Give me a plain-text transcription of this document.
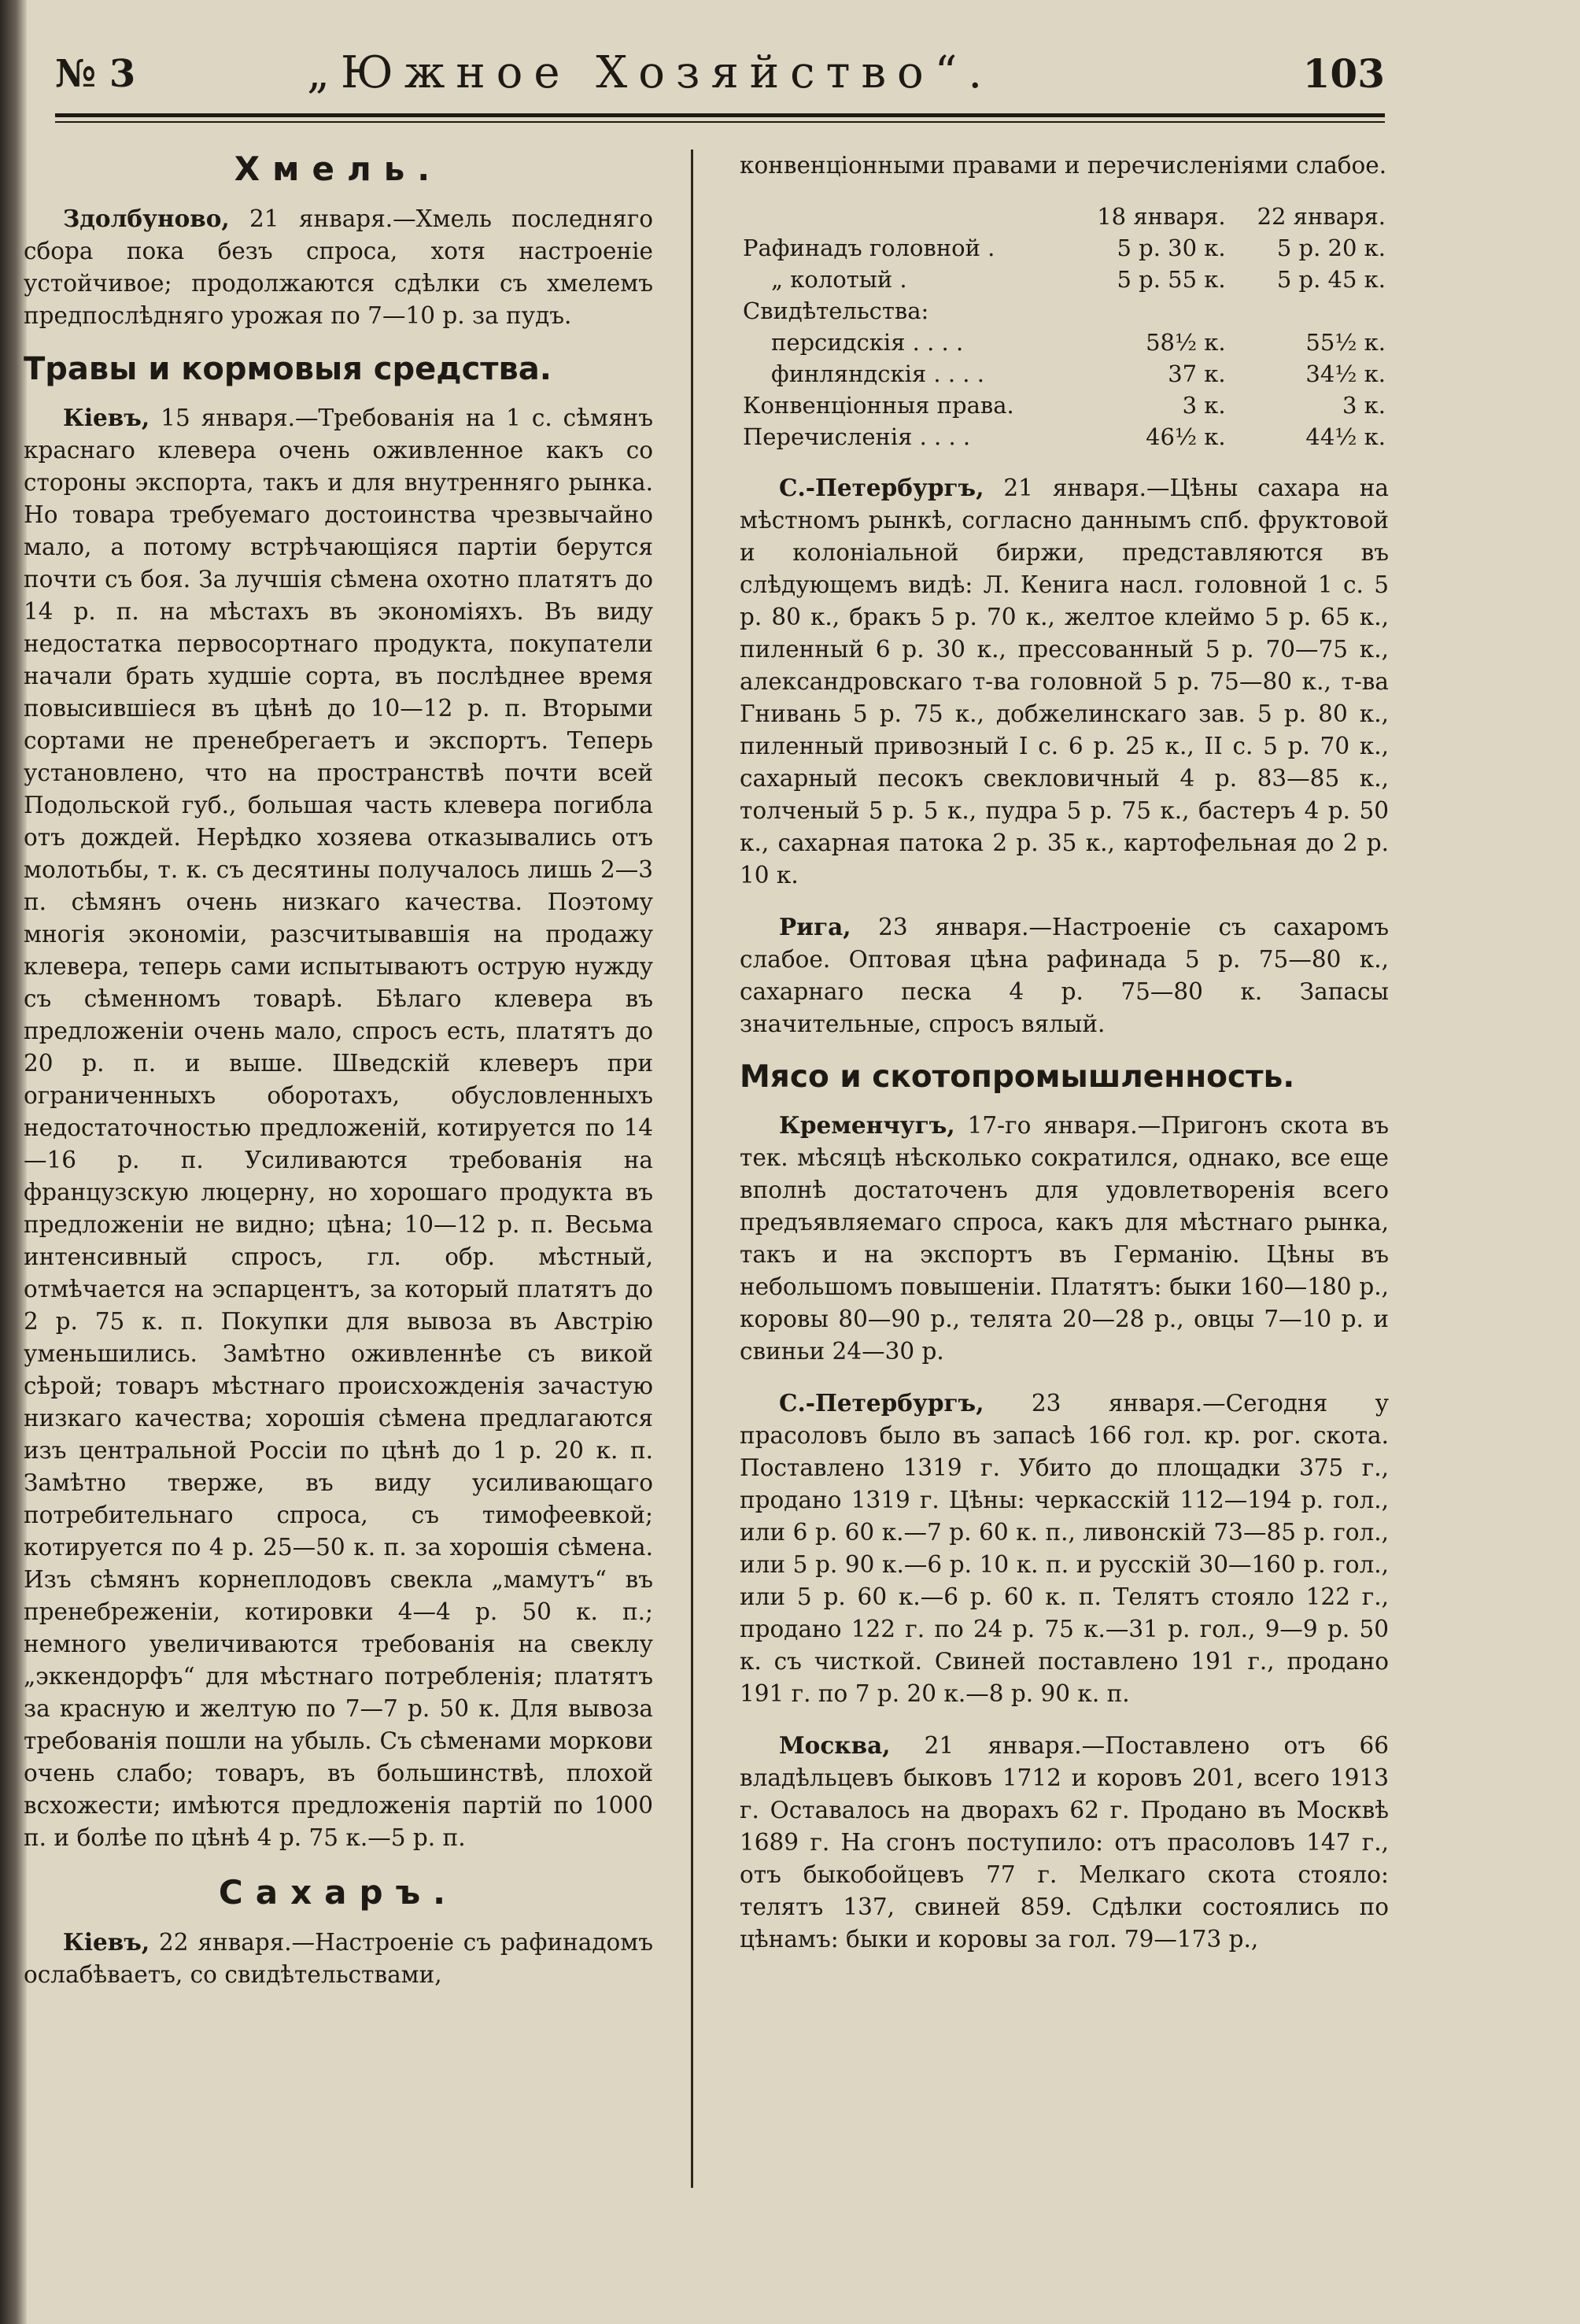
№ 3	„Южное Хозяйство“.	103
Хмель.

Здолбуново, 21 января.—Хмель последняго сбора пока безъ спроса, хотя настроеніе устойчивое; продолжаются сдѣлки съ хмелемъ предпослѣдняго урожая по 7—10 р. за пудъ.

Травы и кормовыя средства.

Кіевъ, 15 января.—Требованія на 1 с. сѣмянъ краснаго клевера очень оживленное какъ со стороны экспорта, такъ и для внутренняго рынка. Но товара требуемаго достоинства чрезвычайно мало, а потому встрѣчающіяся партіи берутся почти съ боя. За лучшія сѣмена охотно платятъ до 14 р. п. на мѣстахъ въ экономіяхъ. Въ виду недостатка первосортнаго продукта, покупатели начали брать худшіе сорта, въ послѣднее время повысившіеся въ цѣнѣ до 10—12 р. п. Вторыми сортами не пренебрегаетъ и экспортъ. Теперь установлено, что на пространствѣ почти всей Подольской губ., большая часть клевера погибла отъ дождей. Нерѣдко хозяева отказывались отъ молотьбы, т. к. съ десятины получалось лишь 2—3 п. сѣмянъ очень низкаго качества. Поэтому многія экономіи, разсчитывавшія на продажу клевера, теперь сами испытываютъ острую нужду съ сѣменномъ товарѣ. Бѣлаго клевера въ предложеніи очень мало, спросъ есть, платятъ до 20 р. п. и выше. Шведскій клеверъ при ограниченныхъ оборотахъ, обусловленныхъ недостаточностью предложеній, котируется по 14—16 р. п. Усиливаются требованія на французскую люцерну, но хорошаго продукта въ предложеніи не видно; цѣна; 10—12 р. п. Весьма интенсивный спросъ, гл. обр. мѣстный, отмѣчается на эспарцентъ, за который платятъ до 2 р. 75 к. п. Покупки для вывоза въ Австрію уменьшились. Замѣтно оживленнѣе съ викой сѣрой; товаръ мѣстнаго происхожденія зачастую низкаго качества; хорошія сѣмена предлагаются изъ центральной Россіи по цѣнѣ до 1 р. 20 к. п. Замѣтно тверже, въ виду усиливающаго потребительнаго спроса, съ тимофеевкой; котируется по 4 р. 25—50 к. п. за хорошія сѣмена. Изъ сѣмянъ корнеплодовъ свекла „мамутъ“ въ пренебреженіи, котировки 4—4 р. 50 к. п.; немного увеличиваются требованія на свеклу „эккендорфъ“ для мѣстнаго потребленія; платятъ за красную и желтую по 7—7 р. 50 к. Для вывоза требованія пошли на убыль. Съ сѣменами моркови очень слабо; товаръ, въ большинствѣ, плохой всхожести; имѣются предложенія партій по 1000 п. и болѣе по цѣнѣ 4 р. 75 к.—5 р. п.

Сахаръ.

Кіевъ, 22 января.—Настроеніе съ рафинадомъ ослабѣваетъ, со свидѣтельствами,

конвенціонными правами и перечисленіями слабое.

	18 января.	22 января.
Рафинадъ головной .	5 р. 30 к.	5 р. 20 к.
„ колотый .	5 р. 55 к.	5 р. 45 к.
Свидѣтельства:		
персидскія . . . .	58½ к.	55½ к.
финляндскія . . . .	37 к.	34½ к.
Конвенціонныя права.	3 к.	3 к.
Перечисленія . . . .	46½ к.	44½ к.

С.-Петербургъ, 21 января.—Цѣны сахара на мѣстномъ рынкѣ, согласно даннымъ спб. фруктовой и колоніальной биржи, представляются въ слѣдующемъ видѣ: Л. Кенига насл. головной 1 с. 5 р. 80 к., бракъ 5 р. 70 к., желтое клеймо 5 р. 65 к., пиленный 6 р. 30 к., прессованный 5 р. 70—75 к., александровскаго т-ва головной 5 р. 75—80 к., т-ва Гнивань 5 р. 75 к., добжелинскаго зав. 5 р. 80 к., пиленный привозный I с. 6 р. 25 к., II с. 5 р. 70 к., сахарный песокъ свекловичный 4 р. 83—85 к., толченый 5 р. 5 к., пудра 5 р. 75 к., бастеръ 4 р. 50 к., сахарная патока 2 р. 35 к., картофельная до 2 р. 10 к.

Рига, 23 января.—Настроеніе съ сахаромъ слабое. Оптовая цѣна рафинада 5 р. 75—80 к., сахарнаго песка 4 р. 75—80 к. Запасы значительные, спросъ вялый.

Мясо и скотопромышленность.

Кременчугъ, 17-го января.—Пригонъ скота въ тек. мѣсяцѣ нѣсколько сократился, однако, все еще вполнѣ достаточенъ для удовлетворенія всего предъявляемаго спроса, какъ для мѣстнаго рынка, такъ и на экспортъ въ Германію. Цѣны въ небольшомъ повышеніи. Платятъ: быки 160—180 р., коровы 80—90 р., телята 20—28 р., овцы 7—10 р. и свиньи 24—30 р.

С.-Петербургъ, 23 января.—Сегодня у прасоловъ было въ запасѣ 166 гол. кр. рог. скота. Поставлено 1319 г. Убито до площадки 375 г., продано 1319 г. Цѣны: черкасскій 112—194 р. гол., или 6 р. 60 к.—7 р. 60 к. п., ливонскій 73—85 р. гол., или 5 р. 90 к.—6 р. 10 к. п. и русскій 30—160 р. гол., или 5 р. 60 к.—6 р. 60 к. п. Телятъ стояло 122 г., продано 122 г. по 24 р. 75 к.—31 р. гол., 9—9 р. 50 к. съ чисткой. Свиней поставлено 191 г., продано 191 г. по 7 р. 20 к.—8 р. 90 к. п.

Москва, 21 января.—Поставлено отъ 66 владѣльцевъ быковъ 1712 и коровъ 201, всего 1913 г. Оставалось на дворахъ 62 г. Продано въ Москвѣ 1689 г. На сгонъ поступило: отъ прасоловъ 147 г., отъ быкобойцевъ 77 г. Мелкаго скота стояло: телятъ 137, свиней 859. Сдѣлки состоялись по цѣнамъ: быки и коровы за гол. 79—173 р.,
